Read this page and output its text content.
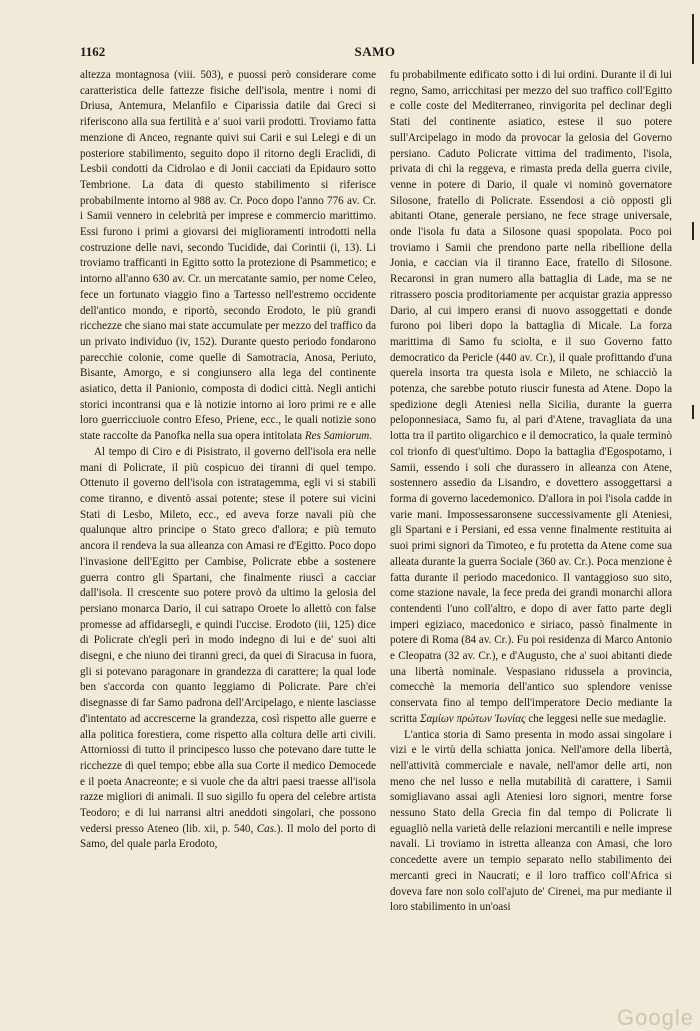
1162	SAMO

altezza montagnosa (viii. 503), e puossi però considerare come caratteristica delle fattezze fisiche dell'isola, mentre i nomi di Driusa, Antemura, Melanfilo e Ciparissia datile dai Greci si riferiscono alla sua fertilità e a' suoi varii prodotti. Troviamo fatta menzione di Anceo, regnante quivi sui Carii e sui Lelegi e di un posteriore stabilimento, seguito dopo il ritorno degli Eraclidi, di Lesbii condotti da Cidrolao e di Jonii cacciati da Epidauro sotto Tembrione. La data di questo stabilimento si riferisce probabilmente intorno al 988 av. Cr. Poco dopo l'anno 776 av. Cr. i Samii vennero in celebrità per imprese e commercio marittimo. Essi furono i primi a giovarsi dei miglioramenti introdotti nella costruzione delle navi, secondo Tucidide, dai Corintii (i, 13). Li troviamo trafficanti in Egitto sotto la protezione di Psammetico; e intorno all'anno 630 av. Cr. un mercatante samio, per nome Celeo, fece un fortunato viaggio fino a Tartesso nell'estremo occidente dell'antico mondo, e riportò, secondo Erodoto, le più grandi ricchezze che siano mai state accumulate per mezzo del traffico da un privato individuo (iv, 152). Durante questo periodo fondarono parecchie colonie, come quelle di Samotracia, Anosa, Periuto, Bisante, Amorgo, e si congiunsero alla lega del continente asiatico, detta il Panionio, composta di dodici città. Negli antichi storici incontransi qua e là notizie intorno ai loro primi re e alle loro guerricciuole contro Efeso, Priene, ecc., le quali notizie sono state raccolte da Panofka nella sua opera intitolata Res Samiorum.

Al tempo di Ciro e di Pisistrato, il governo dell'isola era nelle mani di Policrate, il più cospicuo dei tiranni di quel tempo. Ottenuto il governo dell'isola con istratagemma, egli vi si stabilì come tiranno, e diventò assai potente; stese il potere sui vicini Stati di Lesbo, Mileto, ecc., ed aveva forze navali più che qualunque altro principe o Stato greco d'allora; e più temuto ancora il rendeva la sua alleanza con Amasi re d'Egitto. Poco dopo l'invasione dell'Egitto per Cambise, Policrate ebbe a sostenere guerra contro gli Spartani, che finalmente riuscì a cacciar dall'isola. Il crescente suo potere provò da ultimo la gelosia del persiano monarca Dario, il cui satrapo Oroete lo allettò con false promesse ad affidarsegli, e quindi l'uccise. Erodoto (iii, 125) dice di Policrate ch'egli perì in modo indegno di lui e de' suoi alti disegni, e che niuno dei tiranni greci, da quei di Siracusa in fuora, gli si potevano paragonare in grandezza di carattere; la qual lode ben s'accorda con quanto leggiamo di Policrate. Pare ch'ei disegnasse di far Samo padrona dell'Arcipelago, e niente lasciasse d'intentato ad accrescerne la grandezza, così rispetto alle guerre e alla politica forestiera, come rispetto alla coltura delle arti civili. Attorniossi di tutto il principesco lusso che potevano dare tutte le ricchezze di quel tempo; ebbe alla sua Corte il medico Democede e il poeta Anacreonte; e si vuole che da altri paesi traesse all'isola razze migliori di animali. Il suo sigillo fu opera del celebre artista Teodoro; e di lui narransi altri aneddoti singolari, che possono vedersi presso Ateneo (lib. xii, p. 540, Cas.). Il molo del porto di Samo, del quale parla Erodoto,

fu probabilmente edificato sotto i di lui ordini. Durante il di lui regno, Samo, arricchitasi per mezzo del suo traffico coll'Egitto e colle coste del Mediterraneo, rinvigorita pel declinar degli Stati del continente asiatico, estese il suo potere sull'Arcipelago in modo da provocar la gelosia del Governo persiano. Caduto Policrate vittima del tradimento, l'isola, privata di chi la reggeva, e rimasta preda della guerra civile, venne in potere di Dario, il quale vi nominò governatore Silosone, fratello di Policrate. Essendosi a ciò opposti gli abitanti Otane, generale persiano, ne fece strage universale, onde l'isola fu data a Silosone quasi spopolata. Poco poi troviamo i Samii che prendono parte nella ribellione della Jonia, e caccian via il tiranno Eace, fratello di Silosone. Recaronsi in gran numero alla battaglia di Lade, ma se ne ritrassero poscia proditoriamente per acquistar grazia appresso Dario, al cui impero eransi di nuovo assoggettati e donde furono poi liberi dopo la battaglia di Micale. La forza marittima di Samo fu sciolta, e il suo Governo fatto democratico da Pericle (440 av. Cr.), il quale profittando d'una querela insorta tra questa isola e Mileto, ne schiacciò la potenza, che sarebbe potuto riuscir funesta ad Atene. Dopo la spedizione degli Ateniesi nella Sicilia, durante la guerra peloponnesiaca, Samo fu, al pari d'Atene, travagliata da una lotta tra il partito oligarchico e il democratico, la quale terminò col trionfo di quest'ultimo. Dopo la battaglia d'Egospotamo, i Samii, essendo i soli che durassero in alleanza con Atene, sostennero assedio da Lisandro, e dovettero assoggettarsi a forma di governo lacedemonico. D'allora in poi l'isola cadde in varie mani. Impossessaronsene successivamente gli Ateniesi, gli Spartani e i Persiani, ed essa venne finalmente restituita ai suoi primi signori da Timoteo, e fu protetta da Atene come sua alleata durante la guerra Sociale (360 av. Cr.). Poca menzione è fatta durante il periodo macedonico. Il vantaggioso suo sito, come stazione navale, la fece preda dei grandi monarchi allora contendenti l'uno coll'altro, e dopo di aver fatto parte degli imperi egiziaco, macedonico e siriaco, passò finalmente in potere di Roma (84 av. Cr.). Fu poi residenza di Marco Antonio e Cleopatra (32 av. Cr.), e d'Augusto, che a' suoi abitanti diede una libertà nominale. Vespasiano ridussela a provincia, comecchè la memoria dell'antico suo splendore venisse conservata fino al tempo dell'imperatore Decio mediante la scritta Σαμίων πρώτων Ἰωνίας che leggesi nelle sue medaglie.

L'antica storia di Samo presenta in modo assai singolare i vizi e le virtù della schiatta jonica. Nell'amore della libertà, nell'attività commerciale e navale, nell'amor delle arti, non meno che nel lusso e nella mutabilità di carattere, i Samii somigliavano assai agli Ateniesi loro signori, mentre forse nessuno Stato della Grecia fin dal tempo di Policrate li eguagliò nella varietà delle relazioni mercantili e nelle imprese navali. Li troviamo in istretta alleanza con Amasi, che loro concedette avere un tempio separato nello stabilimento dei mercanti greci in Naucrati; e il loro traffico coll'Africa si doveva fare non solo coll'ajuto de' Cirenei, ma pur mediante il loro stabilimento in un'oasi

Google
